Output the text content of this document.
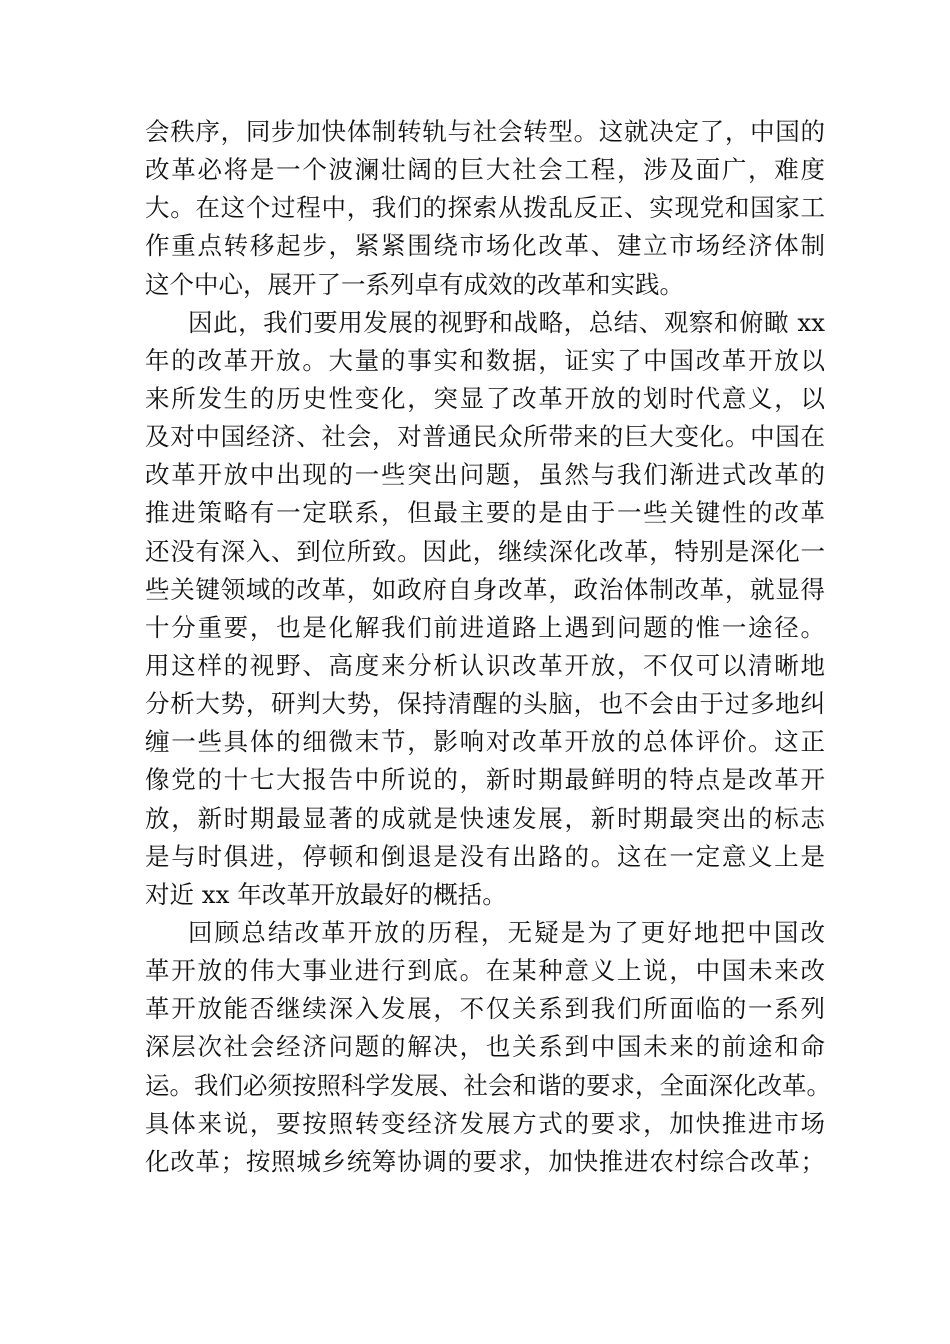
会秩序，同步加快体制转轨与社会转型。这就决定了，中国的
改革必将是一个波澜壮阔的巨大社会工程，涉及面广，难度
大。在这个过程中，我们的探索从拨乱反正、实现党和国家工
作重点转移起步，紧紧围绕市场化改革、建立市场经济体制
这个中心，展开了一系列卓有成效的改革和实践。
因此，我们要用发展的视野和战略，总结、观察和俯瞰 xx
年的改革开放。大量的事实和数据，证实了中国改革开放以
来所发生的历史性变化，突显了改革开放的划时代意义，以
及对中国经济、社会，对普通民众所带来的巨大变化。中国在
改革开放中出现的一些突出问题，虽然与我们渐进式改革的
推进策略有一定联系，但最主要的是由于一些关键性的改革
还没有深入、到位所致。因此，继续深化改革，特别是深化一
些关键领域的改革，如政府自身改革，政治体制改革，就显得
十分重要，也是化解我们前进道路上遇到问题的惟一途径。
用这样的视野、高度来分析认识改革开放，不仅可以清晰地
分析大势，研判大势，保持清醒的头脑，也不会由于过多地纠
缠一些具体的细微末节，影响对改革开放的总体评价。这正
像党的十七大报告中所说的，新时期最鲜明的特点是改革开
放，新时期最显著的成就是快速发展，新时期最突出的标志
是与时俱进，停顿和倒退是没有出路的。这在一定意义上是
对近 xx 年改革开放最好的概括。
回顾总结改革开放的历程，无疑是为了更好地把中国改
革开放的伟大事业进行到底。在某种意义上说，中国未来改
革开放能否继续深入发展，不仅关系到我们所面临的一系列
深层次社会经济问题的解决，也关系到中国未来的前途和命
运。我们必须按照科学发展、社会和谐的要求，全面深化改革。
具体来说，要按照转变经济发展方式的要求，加快推进市场
化改革；按照城乡统筹协调的要求，加快推进农村综合改革；
